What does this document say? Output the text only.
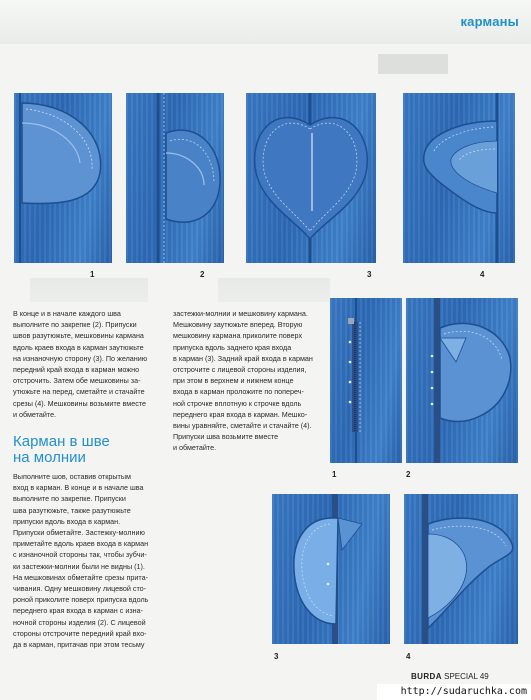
карманы
1	2	3	4
1	2
3	4

В конце и в начале каждого шва

выполните по закрепке (2). Припуски

швов разутюжьте, мешковины кармана

вдоль краев входа в карман заутюжьте

на изнаночную сторону (3). По желанию

передний край входа в карман можно

отстрочить. Затем обе мешковины за-

утюжьте на перед, сметайте и стачайте

срезы (4). Мешковины возьмите вместе

и обметайте.

Карман в шве
на молнии

Выполните шов, оставив открытым

вход в карман. В конце и в начале шва

выполните по закрепке. Припуски

шва разутюжьте, также разутюжьте

припуски вдоль входа в карман.

Припуски обметайте. Застежку-молнию

приметайте вдоль краев входа в карман

с изнаночной стороны так, чтобы зубчи-

ки застежки-молнии были не видны (1).

На мешковинах обметайте срезы прита-

чивания. Одну мешковину лицевой сто-

роной приколите поверх припуска вдоль

переднего края входа в карман с изна-

ночной стороны изделия (2). С лицевой

стороны отстрочите передний край вхо-

да в карман, притачав при этом тесьму

застежки-молнии и мешковину кармана.

Мешковину заутюжьте вперед. Вторую

мешковину кармана приколите поверх

припуска вдоль заднего края входа

в карман (3). Задний край входа в карман

отстрочите с лицевой стороны изделия,

при этом в верхнем и нижнем конце

входа в карман проложите по попереч-

ной строчке вплотную к строчке вдоль

переднего края входа в карман. Мешко-

вины уравняйте, сметайте и стачайте (4).

Припуски шва возьмите вместе

и обметайте.

BURDA SPECIAL 49
http://sudaruchka.com
